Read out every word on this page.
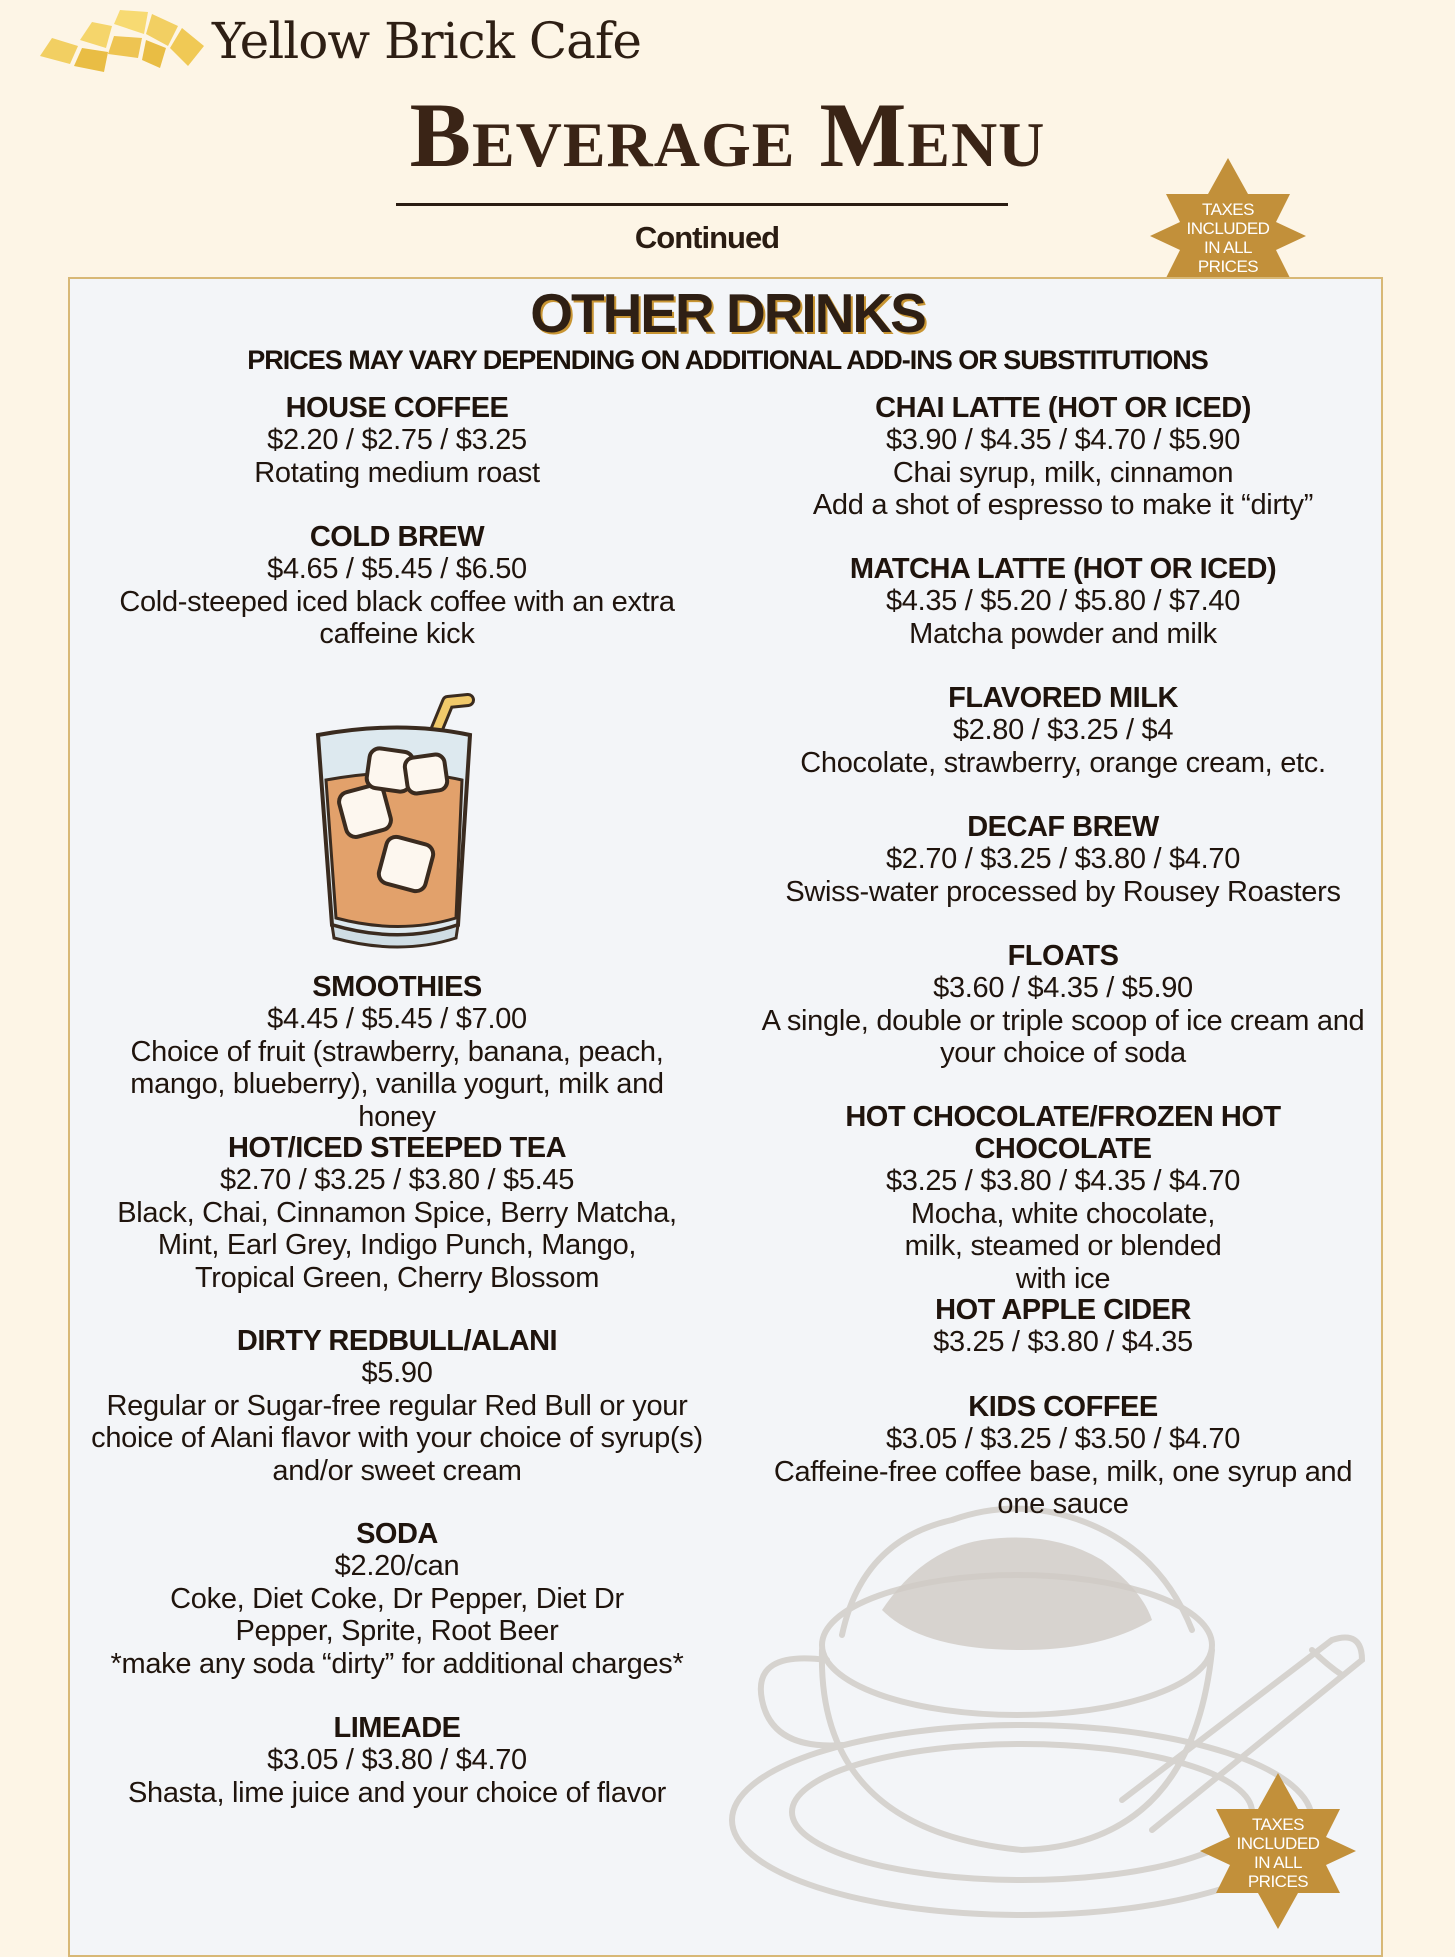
Yellow Brick Cafe
Beverage Menu
Continued
TAXES
INCLUDED
IN ALL
PRICES
OTHER DRINKS
PRICES MAY VARY DEPENDING ON ADDITIONAL ADD-INS OR SUBSTITUTIONS
HOUSE COFFEE
$2.20 / $2.75 / $3.25
Rotating medium roast
COLD BREW
$4.65 / $5.45 / $6.50
Cold-steeped iced black coffee with an extra caffeine kick
SMOOTHIES
$4.45 / $5.45 / $7.00
Choice of fruit (strawberry, banana, peach, mango, blueberry), vanilla yogurt, milk and honey
HOT/ICED STEEPED TEA
$2.70 / $3.25 / $3.80 / $5.45
Black, Chai, Cinnamon Spice, Berry Matcha, Mint, Earl Grey, Indigo Punch, Mango, Tropical Green, Cherry Blossom
DIRTY REDBULL/ALANI
$5.90
Regular or Sugar-free regular Red Bull or your choice of Alani flavor with your choice of syrup(s) and/or sweet cream
SODA
$2.20/can
Coke, Diet Coke, Dr Pepper, Diet Dr Pepper, Sprite, Root Beer
*make any soda “dirty” for additional charges*
LIMEADE
$3.05 / $3.80 / $4.70
Shasta, lime juice and your choice of flavor
CHAI LATTE (HOT OR ICED)
$3.90 / $4.35 / $4.70 / $5.90
Chai syrup, milk, cinnamon
Add a shot of espresso to make it “dirty”
MATCHA LATTE (HOT OR ICED)
$4.35 / $5.20 / $5.80 / $7.40
Matcha powder and milk
FLAVORED MILK
$2.80 / $3.25 / $4
Chocolate, strawberry, orange cream, etc.
DECAF BREW
$2.70 / $3.25 / $3.80 / $4.70
Swiss-water processed by Rousey Roasters
FLOATS
$3.60 / $4.35 / $5.90
A single, double or triple scoop of ice cream and your choice of soda
HOT CHOCOLATE/FROZEN HOT CHOCOLATE
$3.25 / $3.80 / $4.35 / $4.70
Mocha, white chocolate, milk, steamed or blended with ice
HOT APPLE CIDER
$3.25 / $3.80 / $4.35
KIDS COFFEE
$3.05 / $3.25 / $3.50 / $4.70
Caffeine-free coffee base, milk, one syrup and one sauce
TAXES
INCLUDED
IN ALL
PRICES
